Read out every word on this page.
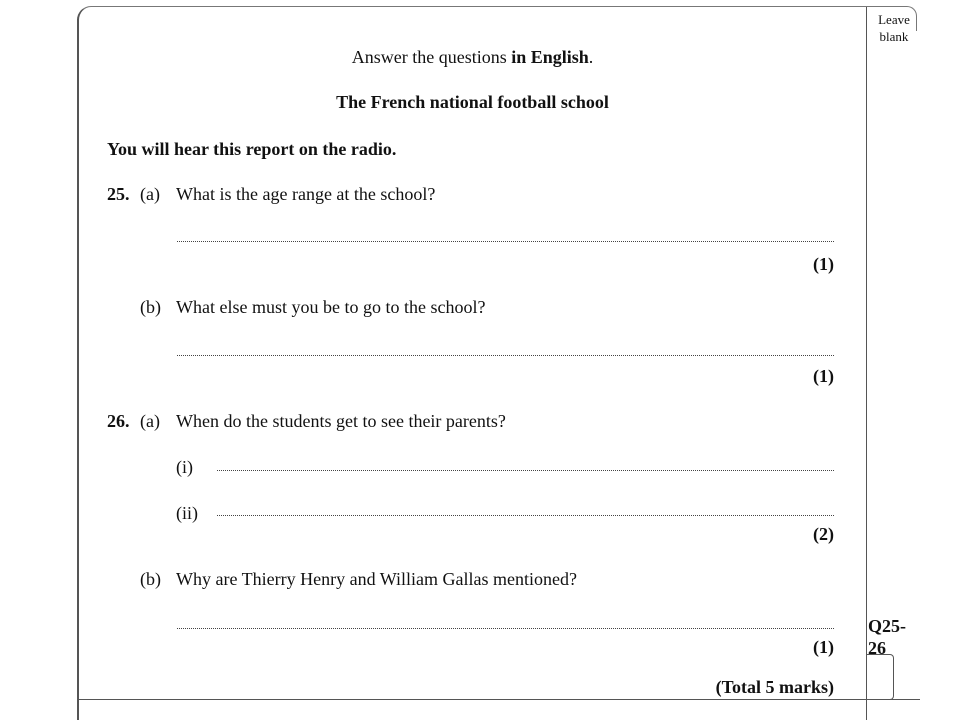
Leave blank
Answer the questions in English.
The French national football school
You will hear this report on the radio.
25. (a) What is the age range at the school?
(1)
(b) What else must you be to go to the school?
(1)
26. (a) When do the students get to see their parents?
(i)
(ii)
(2)
(b) Why are Thierry Henry and William Gallas mentioned?
(1)
(Total 5 marks)
Q25-26
